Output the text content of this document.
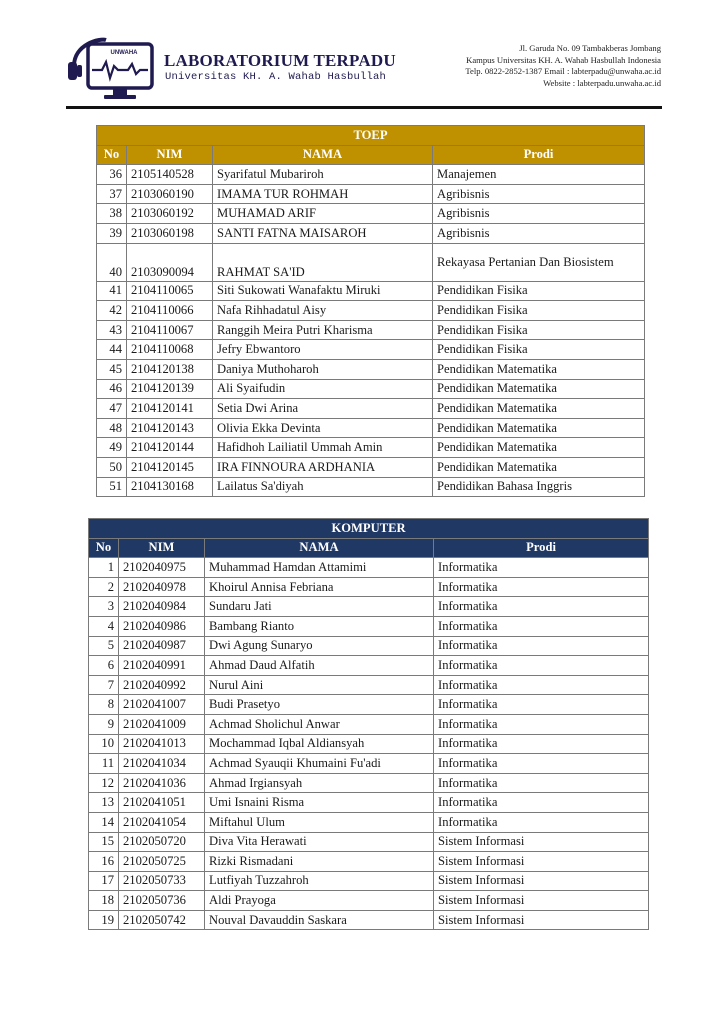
UNWAHA LABORATORIUM TERPADU
Universitas KH. A. Wahab Hasbullah
Jl. Garuda No. 09 Tambakberas Jombang
Kampus Universitas KH. A. Wahab Hasbullah Indonesia
Telp. 0822-2852-1387 Email : labterpadu@unwaha.ac.id
Website : labterpadu.unwaha.ac.id
TOEP			
No	NIM	NAMA	Prodi
36	2105140528	Syarifatul Mubariroh	Manajemen
37	2103060190	IMAMA TUR ROHMAH	Agribisnis
38	2103060192	MUHAMAD ARIF	Agribisnis
39	2103060198	SANTI FATNA MAISAROH	Agribisnis
40	2103090094	RAHMAT SA'ID	Rekayasa Pertanian Dan Biosistem
41	2104110065	Siti Sukowati Wanafaktu Miruki	Pendidikan Fisika
42	2104110066	Nafa Rihhadatul Aisy	Pendidikan Fisika
43	2104110067	Ranggih Meira Putri Kharisma	Pendidikan Fisika
44	2104110068	Jefry Ebwantoro	Pendidikan Fisika
45	2104120138	Daniya Muthoharoh	Pendidikan Matematika
46	2104120139	Ali Syaifudin	Pendidikan Matematika
47	2104120141	Setia Dwi Arina	Pendidikan Matematika
48	2104120143	Olivia Ekka Devinta	Pendidikan Matematika
49	2104120144	Hafidhoh Lailiatil Ummah Amin	Pendidikan Matematika
50	2104120145	IRA FINNOURA ARDHANIA	Pendidikan Matematika
51	2104130168	Lailatus Sa'diyah	Pendidikan Bahasa Inggris
KOMPUTER			
No	NIM	NAMA	Prodi
1	2102040975	Muhammad Hamdan Attamimi	Informatika
2	2102040978	Khoirul Annisa Febriana	Informatika
3	2102040984	Sundaru Jati	Informatika
4	2102040986	Bambang Rianto	Informatika
5	2102040987	Dwi Agung Sunaryo	Informatika
6	2102040991	Ahmad Daud Alfatih	Informatika
7	2102040992	Nurul Aini	Informatika
8	2102041007	Budi Prasetyo	Informatika
9	2102041009	Achmad Sholichul Anwar	Informatika
10	2102041013	Mochammad Iqbal Aldiansyah	Informatika
11	2102041034	Achmad Syauqii Khumaini Fu'adi	Informatika
12	2102041036	Ahmad Irgiansyah	Informatika
13	2102041051	Umi Isnaini Risma	Informatika
14	2102041054	Miftahul Ulum	Informatika
15	2102050720	Diva Vita Herawati	Sistem Informasi
16	2102050725	Rizki Rismadani	Sistem Informasi
17	2102050733	Lutfiyah Tuzzahroh	Sistem Informasi
18	2102050736	Aldi Prayoga	Sistem Informasi
19	2102050742	Nouval Davauddin Saskara	Sistem Informasi
